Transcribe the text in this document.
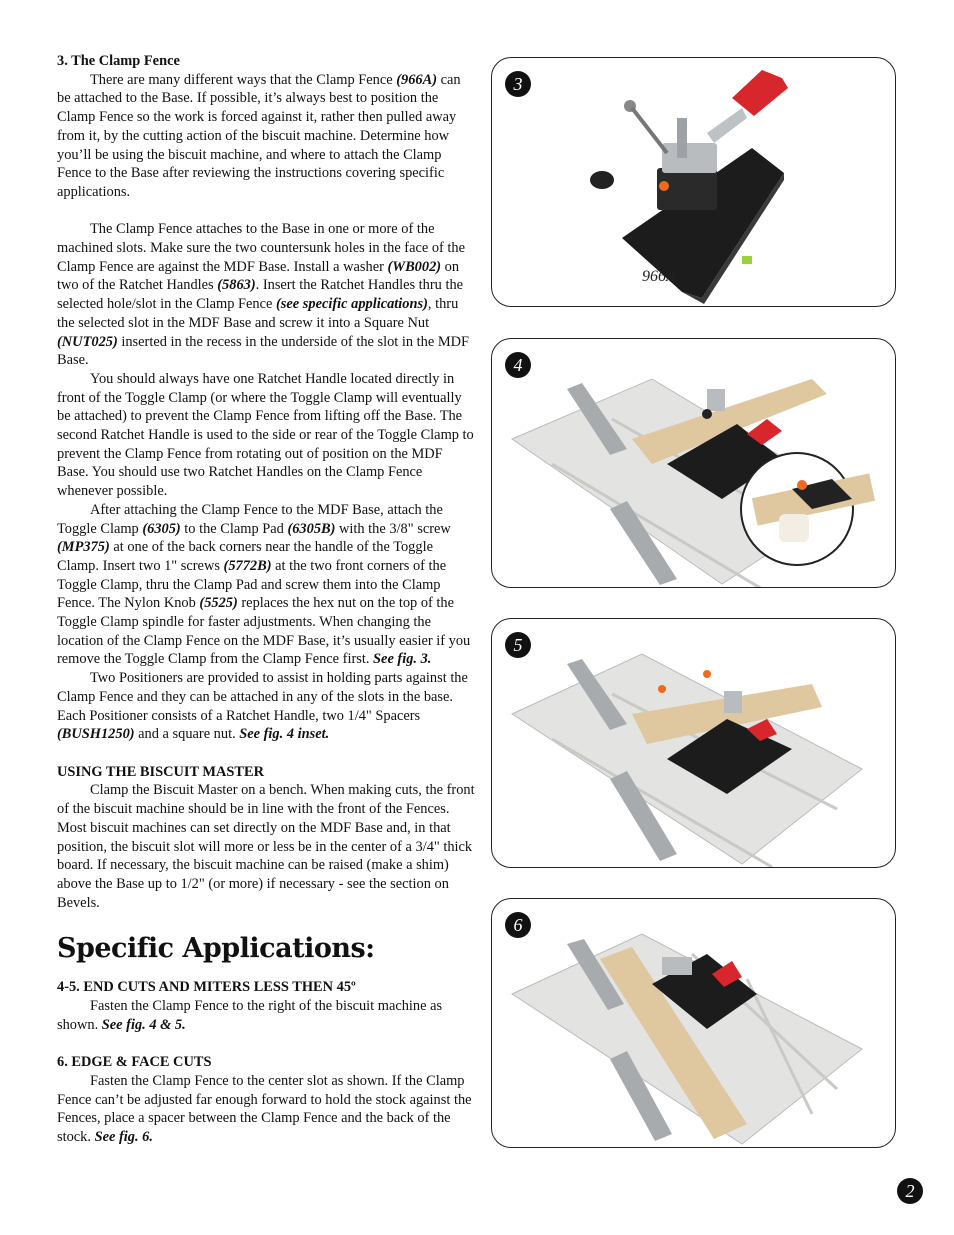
3. The Clamp Fence

There are many different ways that the Clamp Fence (966A) can be attached to the Base. If possible, it’s always best to position the Clamp Fence so the work is forced against it, rather then pulled away from it, by the cutting action of the biscuit machine. Determine how you’ll be using the biscuit machine, and where to attach the Clamp Fence to the Base after reviewing the instructions covering specific applications.

The Clamp Fence attaches to the Base in one or more of the machined slots. Make sure the two countersunk holes in the face of the Clamp Fence are against the MDF Base. Install a washer (WB002) on two of the Ratchet Handles (5863). Insert the Ratchet Handles thru the selected hole/slot in the Clamp Fence (see specific applications), thru the selected slot in the MDF Base and screw it into a Square Nut (NUT025) inserted in the recess in the underside of the slot in the MDF Base.

You should always have one Ratchet Handle located directly in front of the Toggle Clamp (or where the Toggle Clamp will eventually be attached) to prevent the Clamp Fence from lifting off the Base. The second Ratchet Handle is used to the side or rear of the Toggle Clamp to prevent the Clamp Fence from rotating out of position on the MDF Base. You should use two Ratchet Handles on the Clamp Fence whenever possible.

After attaching the Clamp Fence to the MDF Base, attach the Toggle Clamp (6305) to the Clamp Pad (6305B) with the 3/8" screw (MP375) at one of the back corners near the handle of the Toggle Clamp. Insert two 1" screws (5772B) at the two front corners of the Toggle Clamp, thru the Clamp Pad and screw them into the Clamp Fence. The Nylon Knob (5525) replaces the hex nut on the top of the Toggle Clamp spindle for faster adjustments. When changing the location of the Clamp Fence on the MDF Base, it’s usually easier if you remove the Toggle Clamp from the Clamp Fence first. See fig. 3.

Two Positioners are provided to assist in holding parts against the Clamp Fence and they can be attached in any of the slots in the base. Each Positioner consists of a Ratchet Handle, two 1/4" Spacers (BUSH1250) and a square nut. See fig. 4 inset.

USING THE BISCUIT MASTER

Clamp the Biscuit Master on a bench. When making cuts, the front of the biscuit machine should be in line with the front of the Fences. Most biscuit machines can set directly on the MDF Base and, in that position, the biscuit slot will more or less be in the center of a 3/4" thick board. If necessary, the biscuit machine can be raised (make a shim) above the Base up to 1/2" (or more) if necessary - see the section on Bevels.

Specific Applications:

4-5. END CUTS AND MITERS LESS THEN 45º

Fasten the Clamp Fence to the right of the biscuit machine as shown. See fig. 4 & 5.

6. EDGE & FACE CUTS

Fasten the Clamp Fence to the center slot as shown. If the Clamp Fence can’t be adjusted far enough forward to hold the stock against the Fences, place a spacer between the Clamp Fence and the back of the stock. See fig. 6.

3
966A
4
5
6
2
